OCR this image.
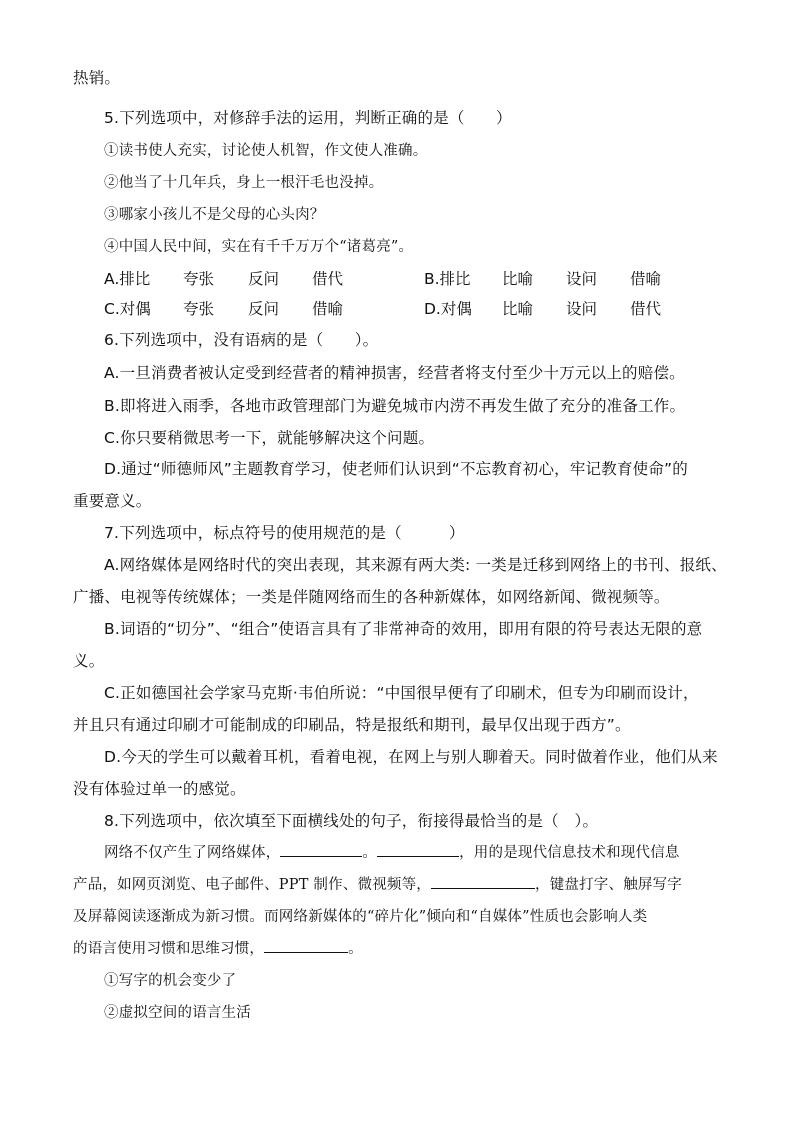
热销。
5.下列选项中，对修辞手法的运用，判断正确的是（　　）
①读书使人充实，讨论使人机智，作文使人准确。
②他当了十几年兵，身上一根汗毛也没掉。
③哪家小孩儿不是父母的心头肉？
④中国人民中间，实在有千千万万个“诸葛亮”。
A.排比 夸张 反问 借代	B.排比 比喻 设问 借喻
C.对偶 夸张 反问 借喻	D.对偶 比喻 设问 借代
6.下列选项中，没有语病的是（　　）。
A.一旦消费者被认定受到经营者的精神损害，经营者将支付至少十万元以上的赔偿。
B.即将进入雨季，各地市政管理部门为避免城市内涝不再发生做了充分的准备工作。
C.你只要稍微思考一下，就能够解决这个问题。
D.通过“师德师风”主题教育学习，使老师们认识到“不忘教育初心，牢记教育使命”的
重要意义。
7.下列选项中，标点符号的使用规范的是（　　　）
A.网络媒体是网络时代的突出表现，其来源有两大类: 一类是迁移到网络上的书刊、报纸、
广播、电视等传统媒体；一类是伴随网络而生的各种新媒体，如网络新闻、微视频等。
B.词语的“切分”、“组合”使语言具有了非常神奇的效用，即用有限的符号表达无限的意
义。
C.正如德国社会学家马克斯·韦伯所说：“中国很早便有了印刷术，但专为印刷而设计，
并且只有通过印刷才可能制成的印刷品，特是报纸和期刊，最早仅出现于西方”。
D.今天的学生可以戴着耳机，看着电视，在网上与别人聊着天。同时做着作业，他们从来
没有体验过单一的感觉。
8.下列选项中，依次填至下面横线处的句子，衔接得最恰当的是（　）。
网络不仅产生了网络媒体，	。	，用的是现代信息技术和现代信息
产品，如网页浏览、电子邮件、PPT 制作、微视频等，	，键盘打字、触屏写字
及屏幕阅读逐渐成为新习惯。而网络新媒体的“碎片化”倾向和“自媒体”性质也会影响人类
的语言使用习惯和思维习惯，	。
①写字的机会变少了
②虚拟空间的语言生活
